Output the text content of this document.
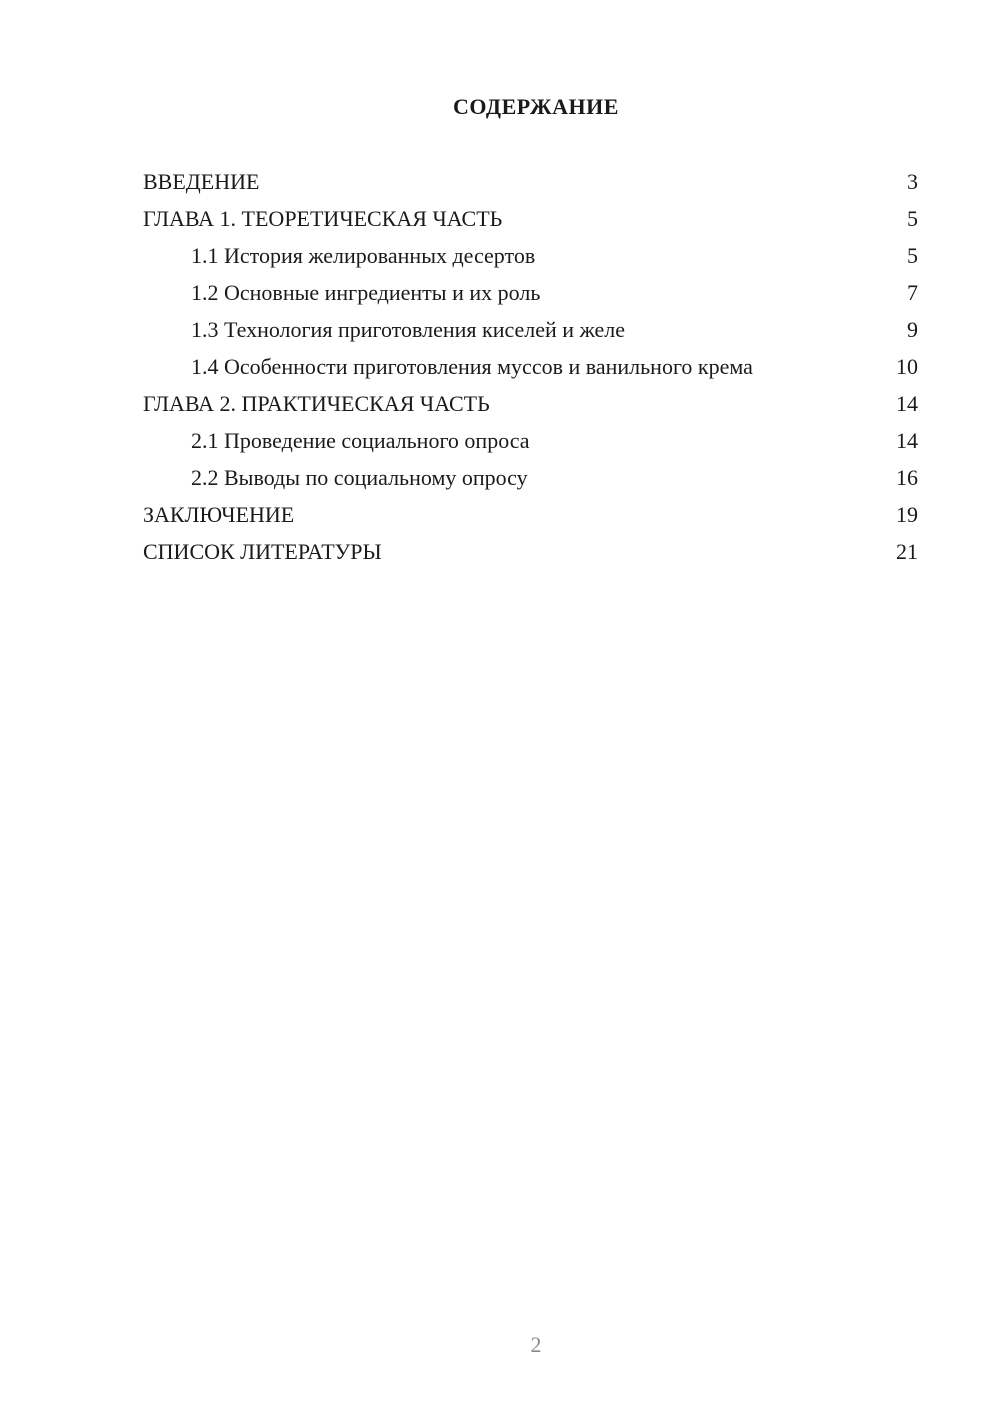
СОДЕРЖАНИЕ
ВВЕДЕНИЕ	3
ГЛАВА 1. ТЕОРЕТИЧЕСКАЯ ЧАСТЬ	5
1.1 История желированных десертов	5
1.2 Основные ингредиенты и их роль	7
1.3 Технология приготовления киселей и желе	9
1.4 Особенности приготовления муссов и ванильного крема	10
ГЛАВА 2. ПРАКТИЧЕСКАЯ ЧАСТЬ	14
2.1 Проведение социального опроса	14
2.2 Выводы по социальному опросу	16
ЗАКЛЮЧЕНИЕ	19
СПИСОК ЛИТЕРАТУРЫ	21
2
